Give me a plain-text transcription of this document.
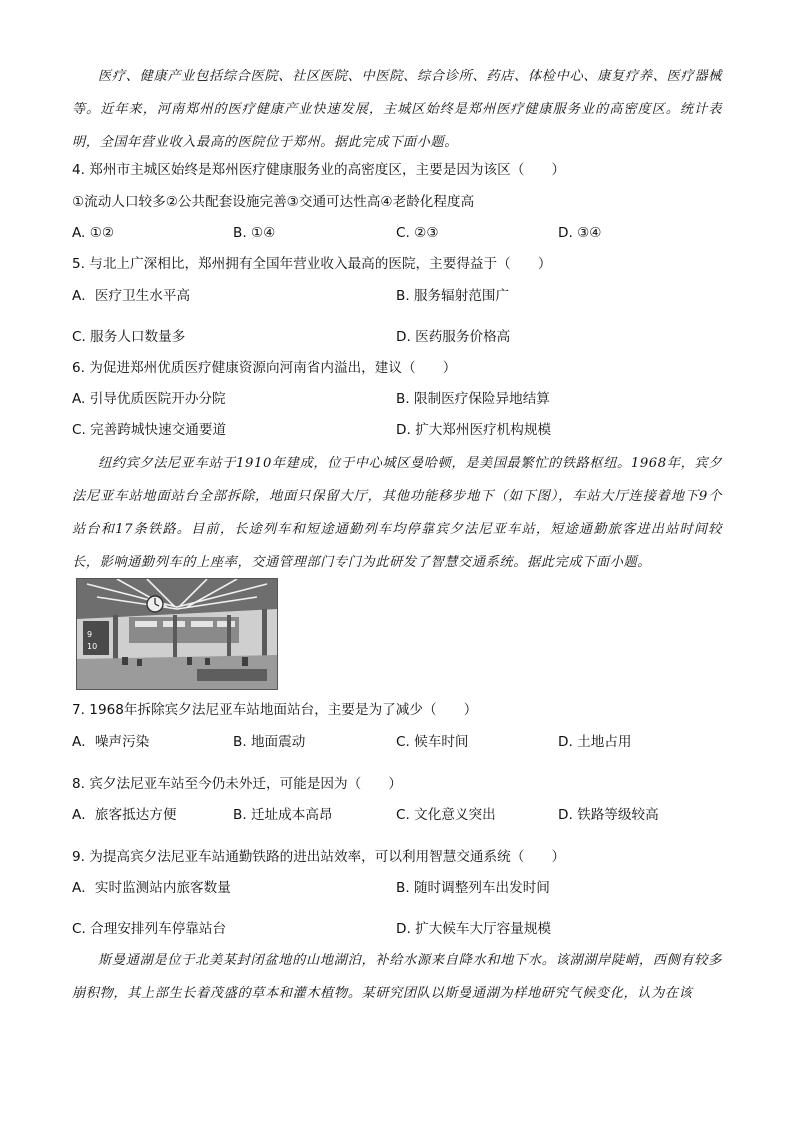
医疗、健康产业包括综合医院、社区医院、中医院、综合诊所、药店、体检中心、康复疗养、医疗器械等。近年来，河南郑州的医疗健康产业快速发展，主城区始终是郑州医疗健康服务业的高密度区。统计表明，全国年营业收入最高的医院位于郑州。据此完成下面小题。
4. 郑州市主城区始终是郑州医疗健康服务业的高密度区，主要是因为该区（　　）
①流动人口较多②公共配套设施完善③交通可达性高④老龄化程度高
A. ①②	B. ①④	C. ②③	D. ③④
5. 与北上广深相比，郑州拥有全国年营业收入最高的医院，主要得益于（　　）
A．医疗卫生水平高	B. 服务辐射范围广
C. 服务人口数量多	D. 医药服务价格高
6. 为促进郑州优质医疗健康资源向河南省内溢出，建议（　　）
A. 引导优质医院开办分院	B. 限制医疗保险异地结算
C. 完善跨城快速交通要道	D. 扩大郑州医疗机构规模
纽约宾夕法尼亚车站于1910年建成，位于中心城区曼哈顿，是美国最繁忙的铁路枢纽。1968年，宾夕法尼亚车站地面站台全部拆除，地面只保留大厅，其他功能移步地下（如下图），车站大厅连接着地下9个站台和17条铁路。目前，长途列车和短途通勤列车均停靠宾夕法尼亚车站，短途通勤旅客进出站时间较长，影响通勤列车的上座率，交通管理部门专门为此研发了智慧交通系统。据此完成下面小题。
9
10
7. 1968年拆除宾夕法尼亚车站地面站台，主要是为了减少（　　）
A．噪声污染	B. 地面震动	C. 候车时间	D. 土地占用
8. 宾夕法尼亚车站至今仍未外迁，可能是因为（　　）
A．旅客抵达方便	B. 迁址成本高昂	C. 文化意义突出	D. 铁路等级较高
9. 为提高宾夕法尼亚车站通勤铁路的进出站效率，可以利用智慧交通系统（　　）
A．实时监测站内旅客数量	B. 随时调整列车出发时间
C. 合理安排列车停靠站台	D. 扩大候车大厅容量规模
斯曼通湖是位于北美某封闭盆地的山地湖泊，补给水源来自降水和地下水。该湖湖岸陡峭，西侧有较多崩积物，其上部生长着茂盛的草本和灌木植物。某研究团队以斯曼通湖为样地研究气候变化，认为在该
